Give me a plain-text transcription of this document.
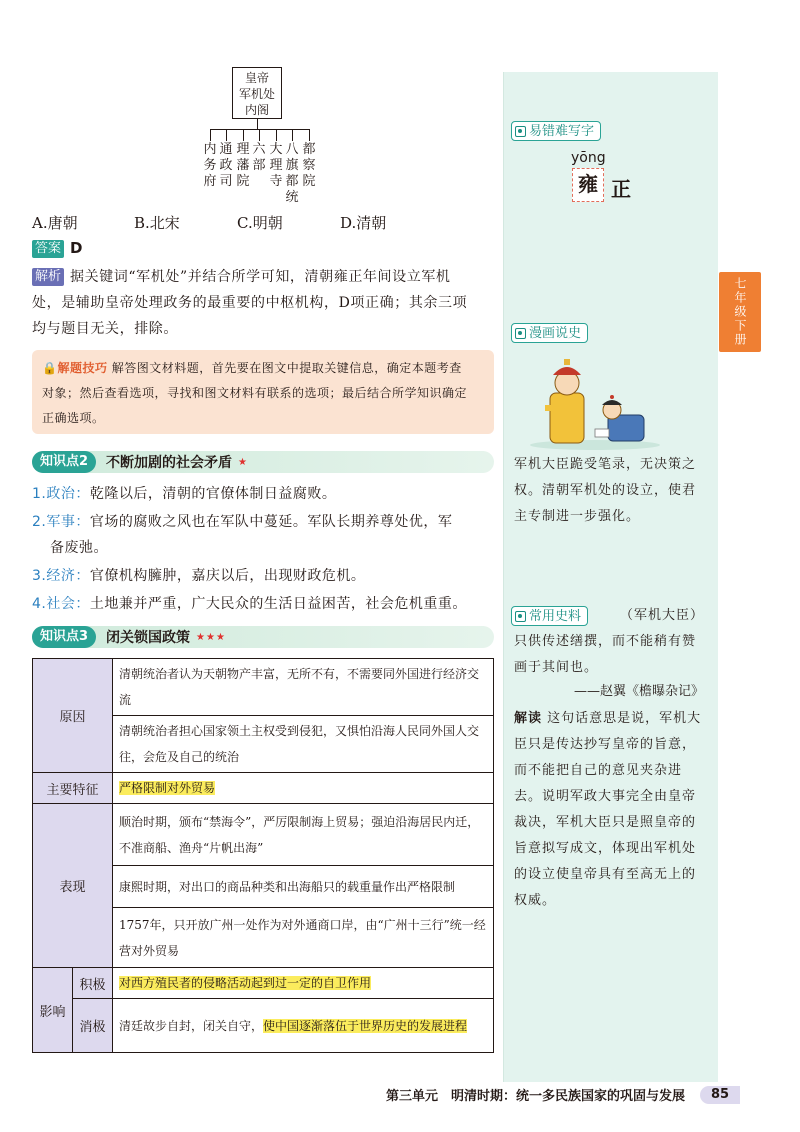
七年级下册
易错难写字
yōng
雍 正
漫画说史
军机大臣跪受笔录，无决策之权。清朝军机处的设立，使君主专制进一步强化。
常用史料	（军机大臣）只供传述缮撰，而不能稍有赞画于其间也。
——赵翼《檐曝杂记》
解读 这句话意思是说，军机大臣只是传达抄写皇帝的旨意，而不能把自己的意见夹杂进去。说明军政大事完全由皇帝裁决，军机大臣只是照皇帝的旨意拟写成文，体现出军机处的设立使皇帝具有至高无上的权威。
皇帝
军机处
内阁
内
务
府
通
政
司
理
藩
院
六
部
大
理
寺
八
旗
都
统
都
察
院
A.唐朝	B.北宋	C.明朝	D.清朝
答案 D
解析 据关键词“军机处”并结合所学可知，清朝雍正年间设立军机
处，是辅助皇帝处理政务的最重要的中枢机构，D项正确；其余三项
均与题目无关，排除。
🔒解题技巧 解答图文材料题，首先要在图文中提取关键信息，确定本题考查
对象；然后查看选项，寻找和图文材料有联系的选项；最后结合所学知识确定
正确选项。
知识点2	不断加剧的社会矛盾 ★
1.政治：乾隆以后，清朝的官僚体制日益腐败。
2.军事：官场的腐败之风也在军队中蔓延。军队长期养尊处优，军
备废弛。
3.经济：官僚机构臃肿，嘉庆以后，出现财政危机。
4.社会：土地兼并严重，广大民众的生活日益困苦，社会危机重重。
知识点3	闭关锁国政策 ★★★
原因		清朝统治者认为天朝物产丰富，无所不有，不需要同外国进行经济交流
		清朝统治者担心国家领土主权受到侵犯，又惧怕沿海人民同外国人交往，会危及自己的统治
主要特征		严格限制对外贸易
表现		顺治时期，颁布“禁海令”，严厉限制海上贸易；强迫沿海居民内迁，不准商船、渔舟“片帆出海”
		康熙时期，对出口的商品种类和出海船只的载重量作出严格限制
		1757年，只开放广州一处作为对外通商口岸，由“广州十三行”统一经营对外贸易
影响	积极	对西方殖民者的侵略活动起到过一定的自卫作用
	消极	清廷故步自封，闭关自守，使中国逐渐落伍于世界历史的发展进程
第三单元　明清时期：统一多民族国家的巩固与发展	85
